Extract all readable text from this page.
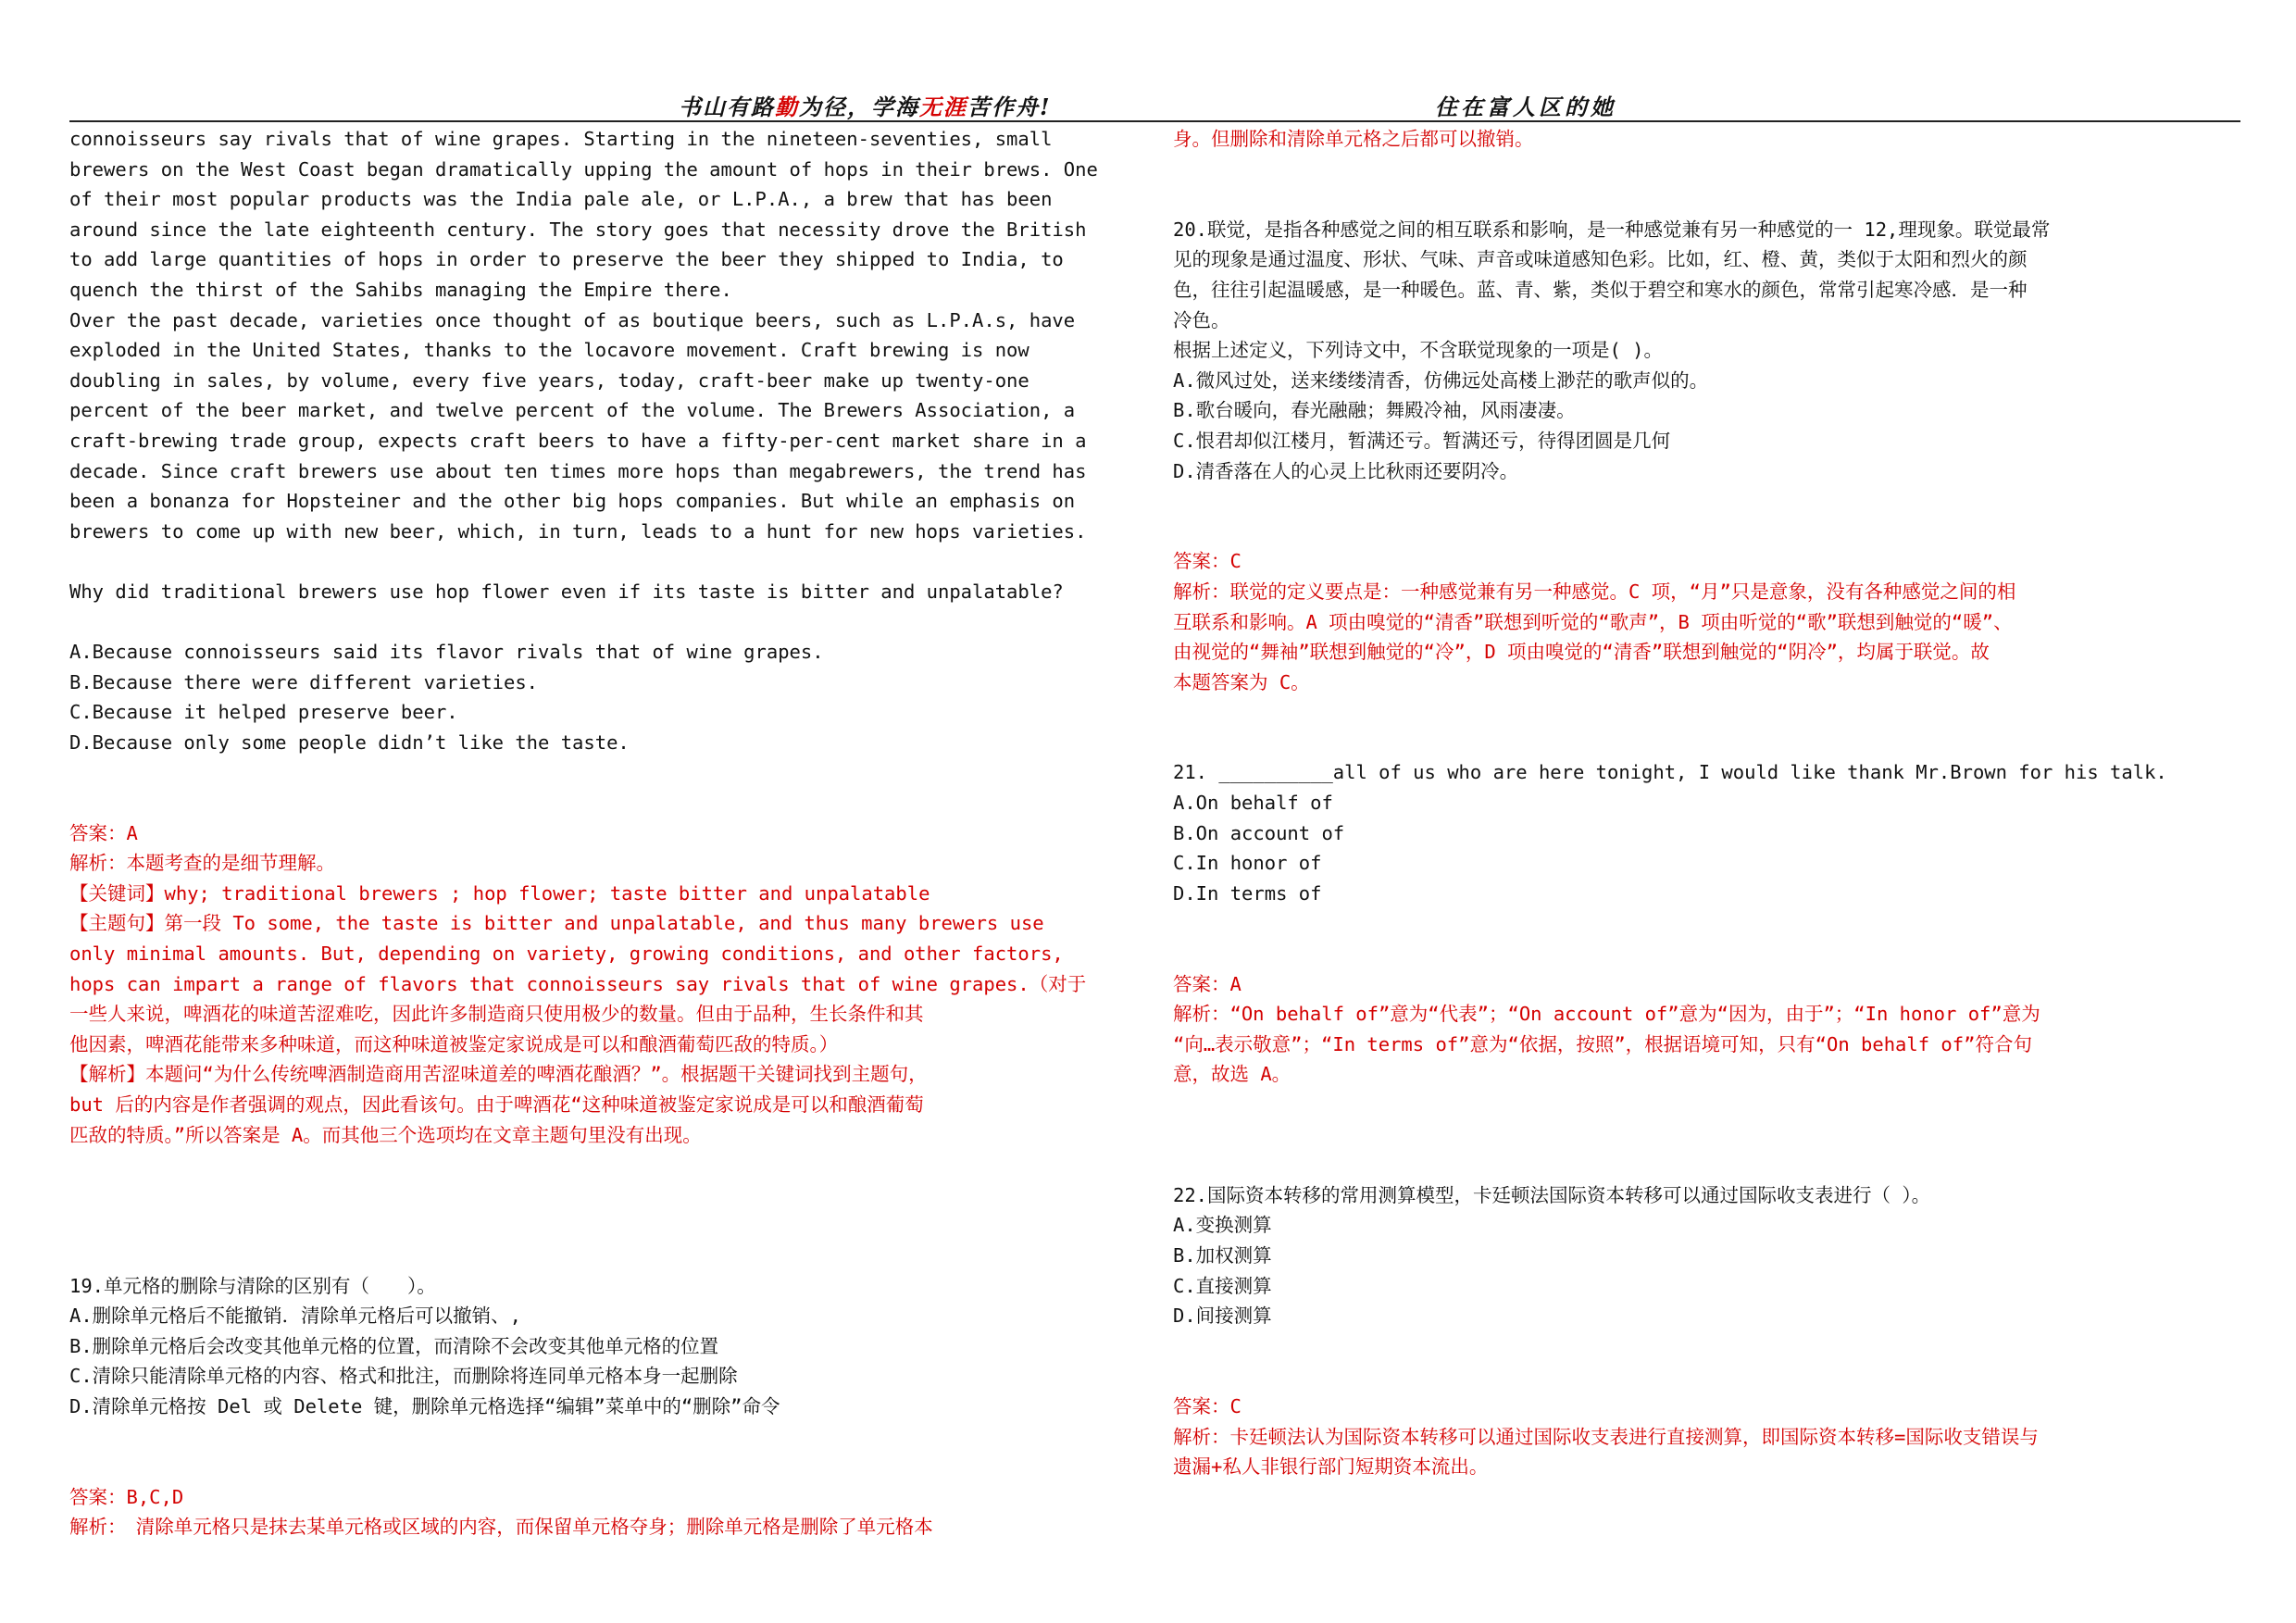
书山有路勤为径，学海无涯苦作舟!	住在富人区的她
connoisseurs say rivals that of wine grapes. Starting in the nineteen-seventies, small
brewers on the West Coast began dramatically upping the amount of hops in their brews. One
of their most popular products was the India pale ale, or L.P.A., a brew that has been
around since the late eighteenth century. The story goes that necessity drove the British
to add large quantities of hops in order to preserve the beer they shipped to India, to
quench the thirst of the Sahibs managing the Empire there.
Over the past decade, varieties once thought of as boutique beers, such as L.P.A.s, have
exploded in the United States, thanks to the locavore movement. Craft brewing is now
doubling in sales, by volume, every five years, today, craft-beer make up twenty-one
percent of the beer market, and twelve percent of the volume. The Brewers Association, a
craft-brewing trade group, expects craft beers to have a fifty-per-cent market share in a
decade. Since craft brewers use about ten times more hops than megabrewers, the trend has
been a bonanza for Hopsteiner and the other big hops companies. But while an emphasis on
brewers to come up with new beer, which, in turn, leads to a hunt for new hops varieties.
Why did traditional brewers use hop flower even if its taste is bitter and unpalatable?
A.Because connoisseurs said its flavor rivals that of wine grapes.
B.Because there were different varieties.
C.Because it helped preserve beer.
D.Because only some people didn’t like the taste.
答案：A
解析：本题考查的是细节理解。
【关键词】why; traditional brewers ; hop flower; taste bitter and unpalatable
【主题句】第一段 To some, the taste is bitter and unpalatable, and thus many brewers use
only minimal amounts. But, depending on variety, growing conditions, and other factors,
hops can impart a range of flavors that connoisseurs say rivals that of wine grapes.（对于
一些人来说，啤酒花的味道苦涩难吃，因此许多制造商只使用极少的数量。但由于品种，生长条件和其
他因素，啤酒花能带来多种味道，而这种味道被鉴定家说成是可以和酿酒葡萄匹敌的特质。）
【解析】本题问“为什么传统啤酒制造商用苦涩味道差的啤酒花酿酒？”。根据题干关键词找到主题句，
but 后的内容是作者强调的观点，因此看该句。由于啤酒花“这种味道被鉴定家说成是可以和酿酒葡萄
匹敌的特质。”所以答案是 A。而其他三个选项均在文章主题句里没有出现。
19.单元格的删除与清除的区别有（　　）。
A.删除单元格后不能撤销．清除单元格后可以撤销、,
B.删除单元格后会改变其他单元格的位置，而清除不会改变其他单元格的位置
C.清除只能清除单元格的内容、格式和批注，而删除将连同单元格本身一起删除
D.清除单元格按 Del 或 Delete 键，删除单元格选择“编辑”菜单中的“删除”命令
答案：B,C,D
解析：　清除单元格只是抹去某单元格或区域的内容，而保留单元格夺身；删除单元格是删除了单元格本
身。但删除和清除单元格之后都可以撤销。
20.联觉，是指各种感觉之间的相互联系和影响，是一种感觉兼有另一种感觉的一 12,理现象。联觉最常
见的现象是通过温度、形状、气味、声音或味道感知色彩。比如，红、橙、黄，类似于太阳和烈火的颜
色，往往引起温暖感，是一种暖色。蓝、青、紫，类似于碧空和寒水的颜色，常常引起寒冷感．是一种
冷色。
根据上述定义，下列诗文中，不含联觉现象的一项是( )。
A.微风过处，送来缕缕清香，仿佛远处高楼上渺茫的歌声似的。
B.歌台暖向，春光融融；舞殿冷袖，风雨凄凄。
C.恨君却似江楼月，暂满还亏。暂满还亏，待得团圆是几何
D.清香落在人的心灵上比秋雨还要阴冷。
答案：C
解析：联觉的定义要点是：一种感觉兼有另一种感觉。C 项，“月”只是意象，没有各种感觉之间的相
互联系和影响。A 项由嗅觉的“清香”联想到听觉的“歌声”，B 项由听觉的“歌”联想到触觉的“暖”、
由视觉的“舞袖”联想到触觉的“冷”，D 项由嗅觉的“清香”联想到触觉的“阴冷”，均属于联觉。故
本题答案为 C。
21. __________all of us who are here tonight, I would like thank Mr.Brown for his talk.
A.On behalf of
B.On account of
C.In honor of
D.In terms of
答案：A
解析：“On behalf of”意为“代表”；“On account of”意为“因为，由于”；“In honor of”意为
“向…表示敬意”；“In terms of”意为“依据，按照”，根据语境可知，只有“On behalf of”符合句
意，故选 A。
22.国际资本转移的常用测算模型，卡廷顿法国际资本转移可以通过国际收支表进行（ ）。
A.变换测算
B.加权测算
C.直接测算
D.间接测算
答案：C
解析：卡廷顿法认为国际资本转移可以通过国际收支表进行直接测算，即国际资本转移=国际收支错误与
遗漏+私人非银行部门短期资本流出。
